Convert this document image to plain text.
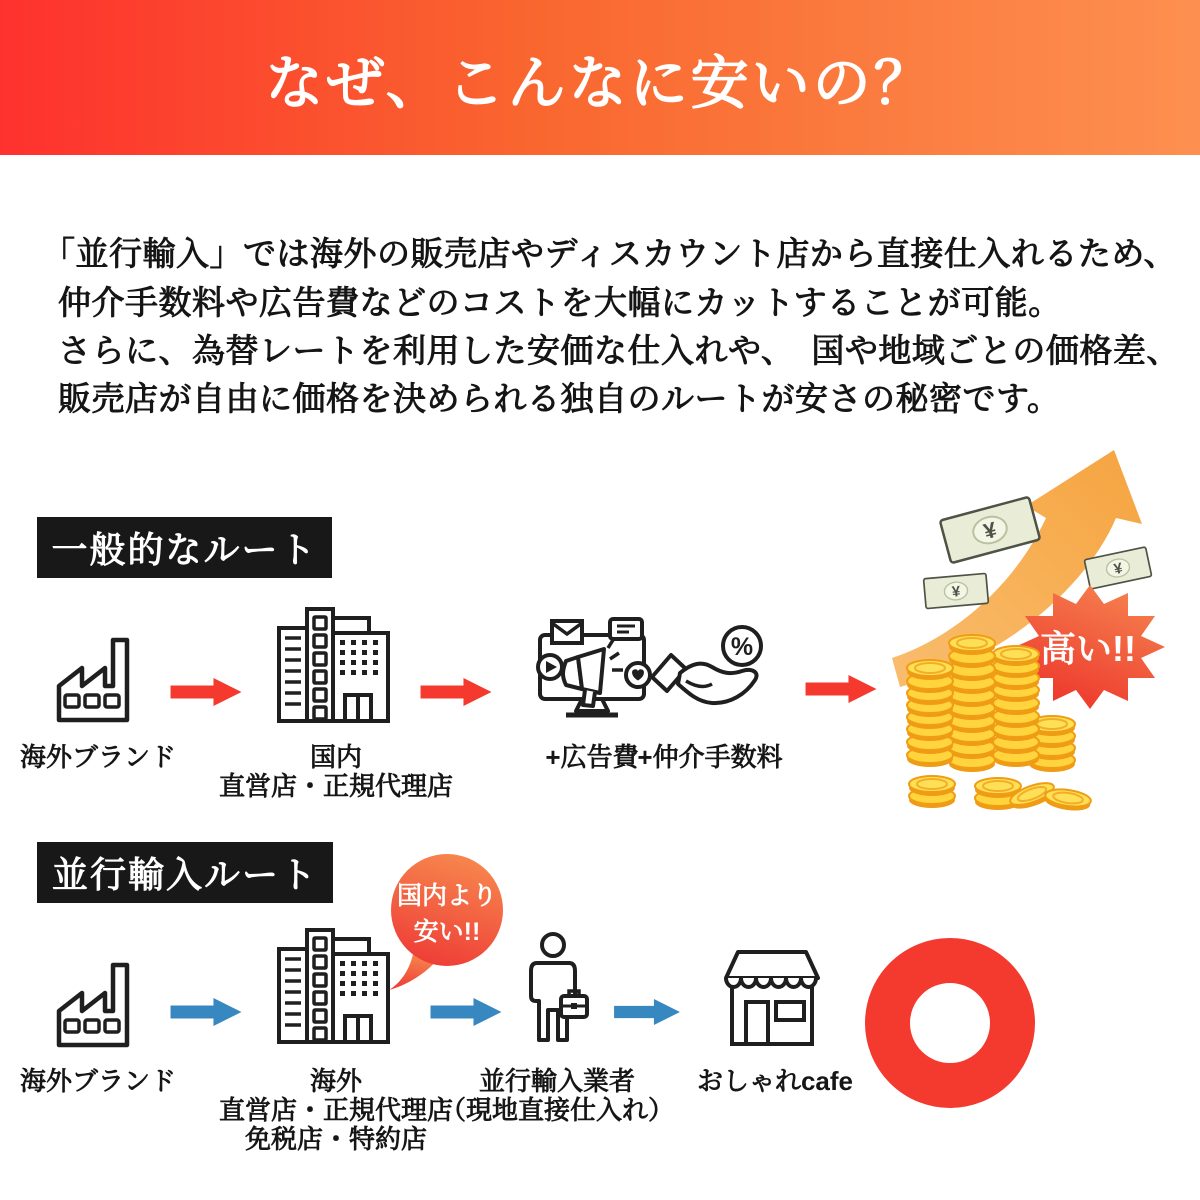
なぜ、こんなに安いの？
「並行輸入」では海外の販売店やディスカウント店から直接仕入れるため、
仲介手数料や広告費などのコストを大幅にカットすることが可能。
さらに、為替レートを利用した安価な仕入れや、　国や地域ごとの価格差、
販売店が自由に価格を決められる独自のルートが安さの秘密です。
一般的なルート
%
¥
高い!!
海外ブランド	国内
直営店・正規代理店
+広告費
+仲介手数料
並行輸入ルート
国内より
安い!!
海外ブランド	海外
直営店・正規代理店
免税店・特約店
並行輸入業者
（現地直接仕入れ）
おしゃれcafe
